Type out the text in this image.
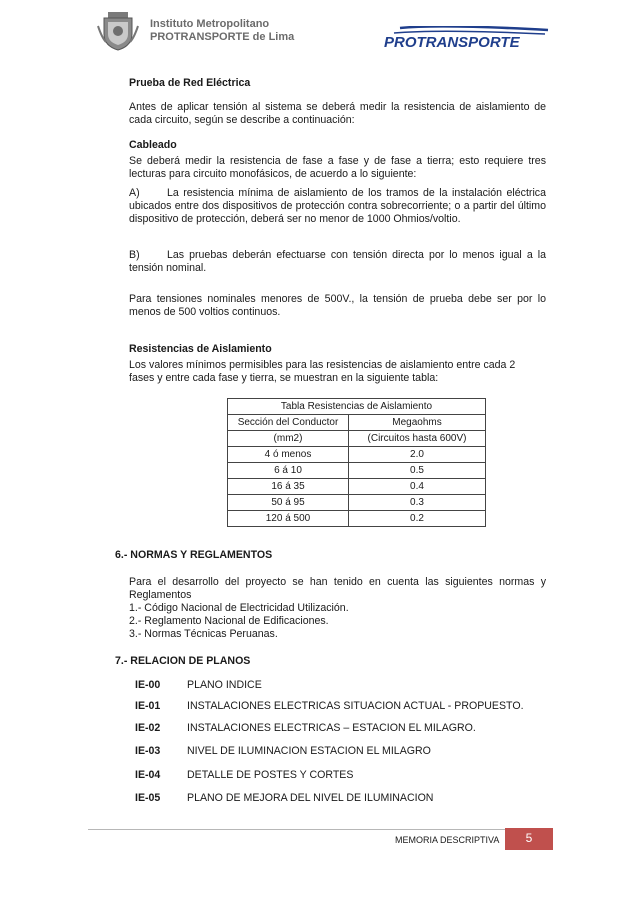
Instituto Metropolitano
PROTRANSPORTE de Lima	PROTRANSPORTE
Prueba de Red Eléctrica
Antes de aplicar tensión al sistema se deberá medir la resistencia de aislamiento de cada circuito, según se describe a continuación:
Cableado
Se deberá medir la resistencia de fase a fase y de fase a tierra; esto requiere tres lecturas para circuito monofásicos, de acuerdo a lo siguiente:
A)	La resistencia mínima de aislamiento de los tramos de la instalación eléctrica ubicados entre dos dispositivos de protección contra sobrecorriente; o a partir del último dispositivo de protección, deberá ser no menor de 1000 Ohmios/voltio.
B)	Las pruebas deberán efectuarse con tensión directa por lo menos igual a la tensión nominal.
Para tensiones nominales menores de 500V., la tensión de prueba debe ser por lo menos de 500 voltios continuos.
Resistencias de Aislamiento
Los valores mínimos permisibles para las resistencias de aislamiento entre cada 2 fases y entre cada fase y tierra, se muestran en la siguiente tabla:
Tabla Resistencias de Aislamiento	
Sección del Conductor	Megaohms
(mm2)	(Circuitos hasta 600V)
4 ó menos	2.0
6 á 10	0.5
16 á 35	0.4
50 á 95	0.3
120 á 500	0.2
6.- NORMAS Y REGLAMENTOS
Para el desarrollo del proyecto se han tenido en cuenta las siguientes normas y Reglamentos
1.- Código Nacional de Electricidad Utilización.
2.- Reglamento Nacional de Edificaciones.
3.- Normas Técnicas Peruanas.
7.- RELACION DE PLANOS
IE-00	PLANO INDICE
IE-01	INSTALACIONES ELECTRICAS SITUACION ACTUAL - PROPUESTO.
IE-02	INSTALACIONES ELECTRICAS – ESTACION EL MILAGRO.
IE-03	NIVEL DE ILUMINACION ESTACION EL MILAGRO
IE-04	DETALLE DE POSTES Y CORTES
IE-05	PLANO DE MEJORA DEL NIVEL DE ILUMINACION
MEMORIA DESCRIPTIVA	5
